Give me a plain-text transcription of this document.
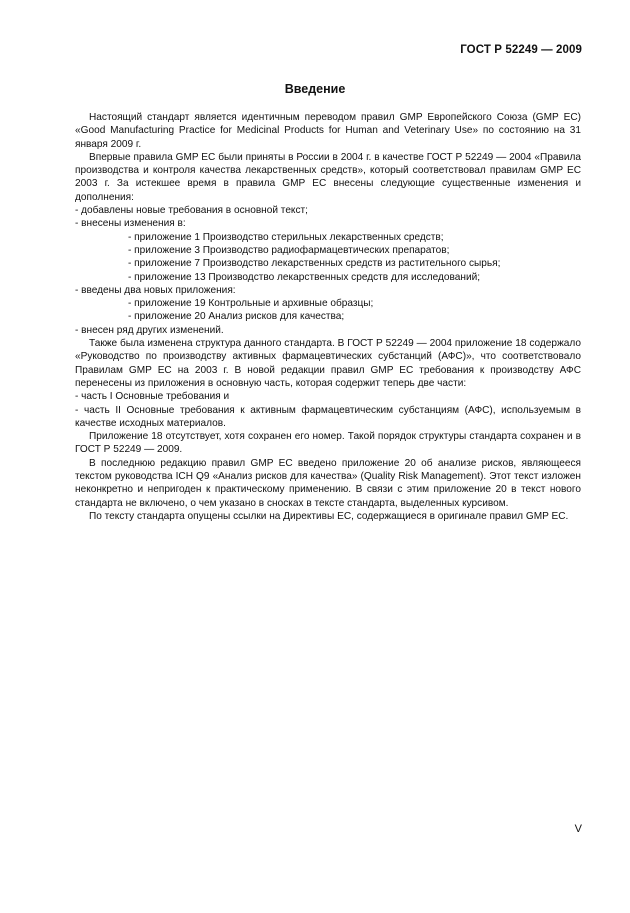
ГОСТ Р 52249 — 2009
Введение

Настоящий стандарт является идентичным переводом правил GMP Европейского Союза (GMP ЕС) «Good Manufacturing Practice for Medicinal Products for Human and Veterinary Use» по состоянию на 31 января 2009 г.

Впервые правила GMP ЕС были приняты в России в 2004 г. в качестве ГОСТ Р 52249 — 2004 «Правила производства и контроля качества лекарственных средств», который соответствовал правилам GMP ЕС 2003 г. За истекшее время в правила GMP ЕС внесены следующие существенные изменения и дополнения:

- добавлены новые требования в основной текст;

- внесены изменения в:

- приложение 1 Производство стерильных лекарственных средств;

- приложение 3 Производство радиофармацевтических препаратов;

- приложение 7 Производство лекарственных средств из растительного сырья;

- приложение 13 Производство лекарственных средств для исследований;

- введены два новых приложения:

- приложение 19 Контрольные и архивные образцы;

- приложение 20 Анализ рисков для качества;

- внесен ряд других изменений.

Также была изменена структура данного стандарта. В ГОСТ Р 52249 — 2004 приложение 18 содержало «Руководство по производству активных фармацевтических субстанций (АФС)», что соответствовало Правилам GMP ЕС на 2003 г. В новой редакции правил GMP ЕС требования к производству АФС перенесены из приложения в основную часть, которая содержит теперь две части:

- часть I Основные требования и

- часть II Основные требования к активным фармацевтическим субстанциям (АФС), используемым в качестве исходных материалов.

Приложение 18 отсутствует, хотя сохранен его номер. Такой порядок структуры стандарта сохранен и в ГОСТ Р 52249 — 2009.

В последнюю редакцию правил GMP ЕС введено приложение 20 об анализе рисков, являющееся текстом руководства ICH Q9 «Анализ рисков для качества» (Quality Risk Management). Этот текст изложен неконкретно и непригоден к практическому применению. В связи с этим приложение 20 в текст нового стандарта не включено, о чем указано в сносках в тексте стандарта, выделенных курсивом.

По тексту стандарта опущены ссылки на Директивы ЕС, содержащиеся в оригинале правил GMP ЕС.

V
